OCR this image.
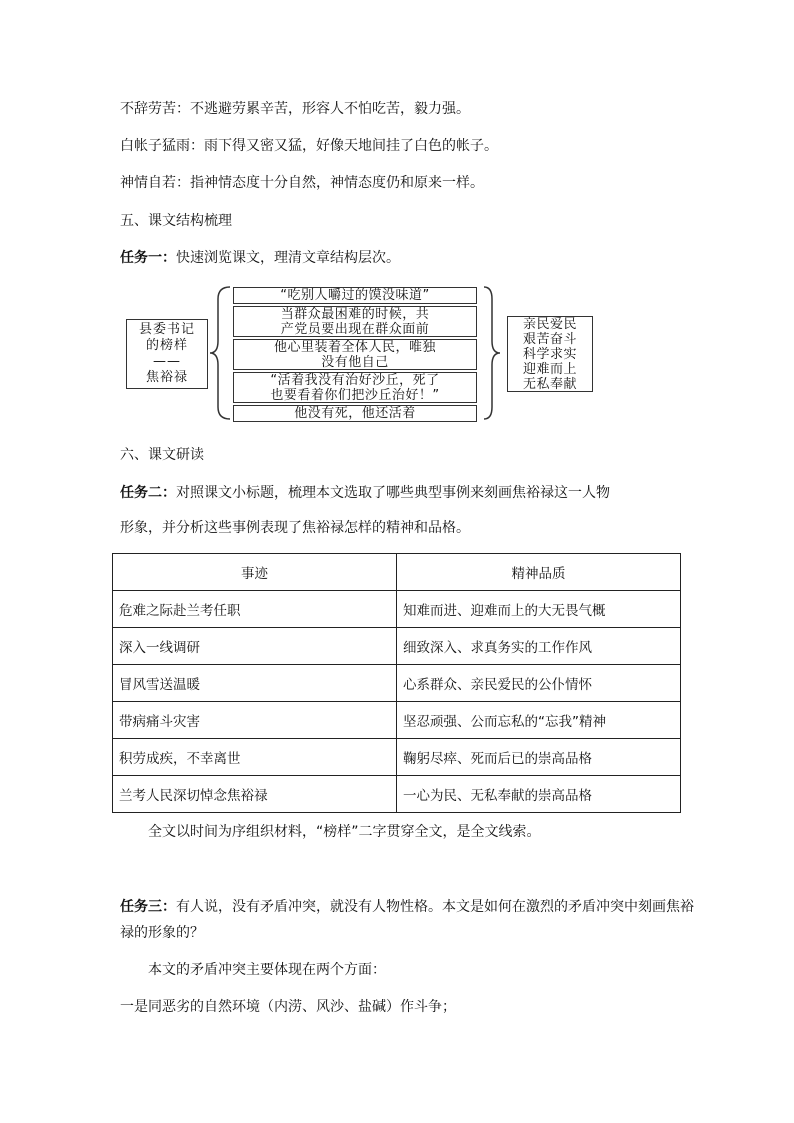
不辞劳苦：不逃避劳累辛苦，形容人不怕吃苦，毅力强。
白帐子猛雨：雨下得又密又猛，好像天地间挂了白色的帐子。
神情自若：指神情态度十分自然，神情态度仍和原来一样。
五、课文结构梳理
任务一：快速浏览课文，理清文章结构层次。
县委书记
的榜样
——
焦裕禄
“吃别人嚼过的馍没味道”
当群众最困难的时候，共
产党员要出现在群众面前
他心里装着全体人民，唯独
没有他自己
“活着我没有治好沙丘，死了
也要看着你们把沙丘治好！”
他没有死，他还活着
亲民爱民
艰苦奋斗
科学求实
迎难而上
无私奉献
六、课文研读
任务二：对照课文小标题，梳理本文选取了哪些典型事例来刻画焦裕禄这一人物
形象，并分析这些事例表现了焦裕禄怎样的精神和品格。
事迹	精神品质
危难之际赴兰考任职	知难而进、迎难而上的大无畏气概
深入一线调研	细致深入、求真务实的工作作风
冒风雪送温暖	心系群众、亲民爱民的公仆情怀
带病痛斗灾害	坚忍顽强、公而忘私的“忘我”精神
积劳成疾，不幸离世	鞠躬尽瘁、死而后已的崇高品格
兰考人民深切悼念焦裕禄	一心为民、无私奉献的崇高品格
全文以时间为序组织材料，“榜样”二字贯穿全文，是全文线索。
任务三：有人说，没有矛盾冲突，就没有人物性格。本文是如何在激烈的矛盾冲突中刻画焦裕
禄的形象的？
本文的矛盾冲突主要体现在两个方面：
一是同恶劣的自然环境（内涝、风沙、盐碱）作斗争；
